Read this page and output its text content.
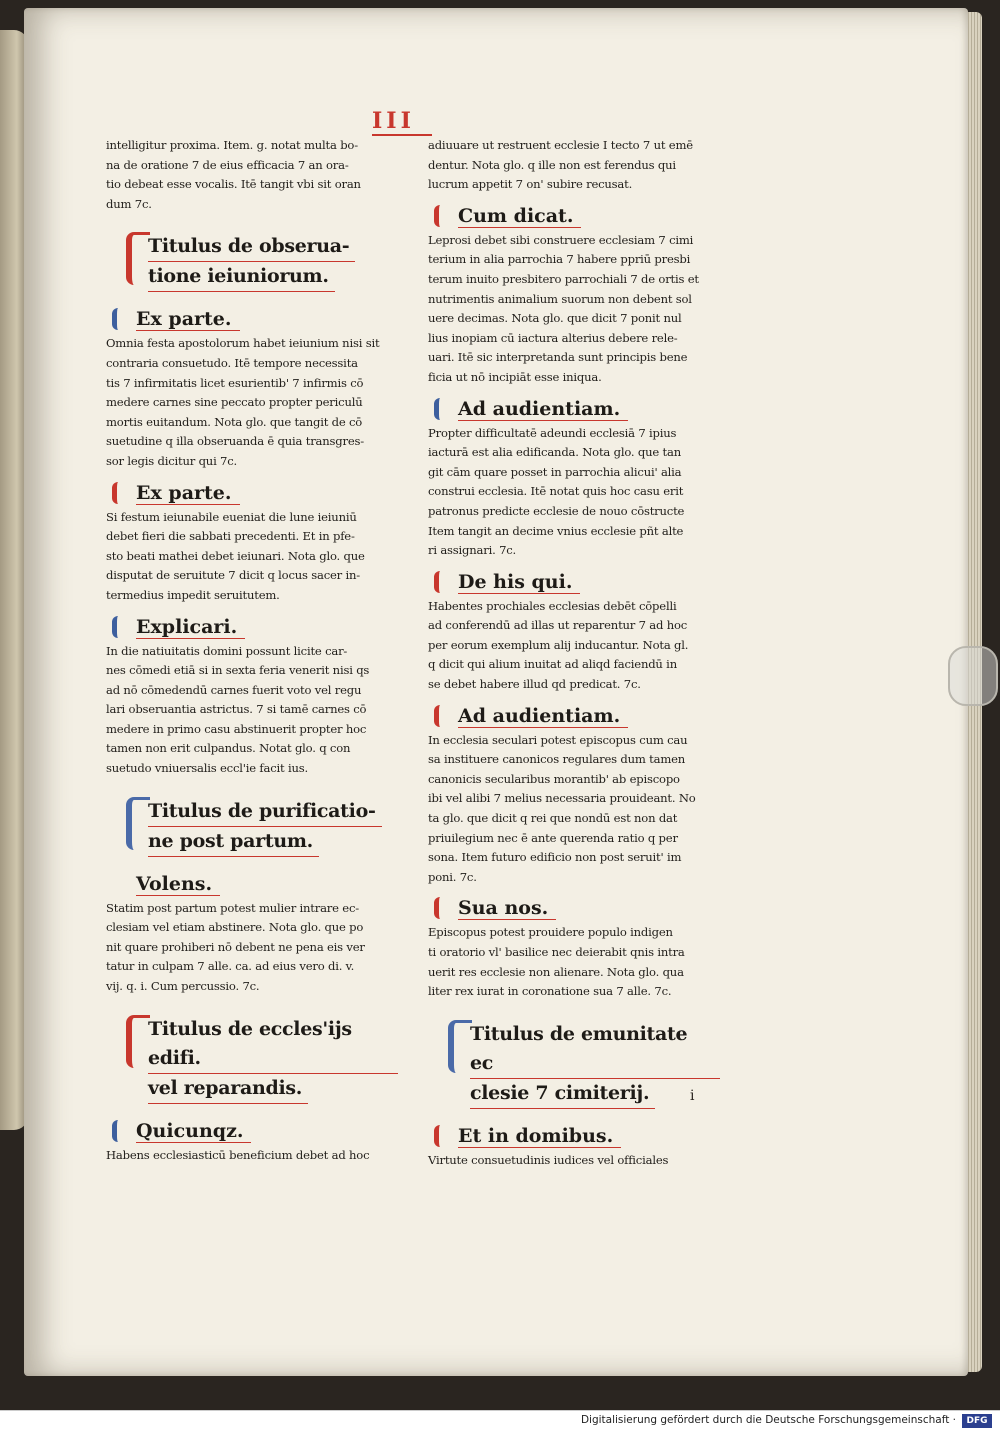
III
intelligitur proxima. Item. g. notat multa bo-
na de oratione 7 de eius efficacia 7 an ora-
tio debeat esse vocalis. Itē tangit vbi sit oran
dum 7c.
Titulus de obserua-
tione ieiuniorum.
Ex parte.
Omnia festa apostolorum habet ieiunium nisi sit
contraria consuetudo. Itē tempore necessita
tis 7 infirmitatis licet esurientib' 7 infirmis cō
medere carnes sine peccato propter periculū
mortis euitandum. Nota glo. que tangit de cō
suetudine q illa obseruanda ē quia transgres-
sor legis dicitur qui 7c.
Ex parte.
Si festum ieiunabile eueniat die lune ieiuniū
debet fieri die sabbati precedenti. Et in pfe-
sto beati mathei debet ieiunari. Nota glo. que
disputat de seruitute 7 dicit q locus sacer in-
termedius impedit seruitutem.
Explicari.
In die natiuitatis domini possunt licite car-
nes cōmedi etiā si in sexta feria venerit nisi qs
ad nō cōmedendū carnes fuerit voto vel regu
lari obseruantia astrictus. 7 si tamē carnes cō
medere in primo casu abstinuerit propter hoc
tamen non erit culpandus. Notat glo. q con
suetudo vniuersalis eccl'ie facit ius.
Titulus de purificatio-
ne post partum.
Volens.
Statim post partum potest mulier intrare ec-
clesiam vel etiam abstinere. Nota glo. que po
nit quare prohiberi nō debent ne pena eis ver
tatur in culpam 7 alle. ca. ad eius vero di. v.
vij. q. i. Cum percussio. 7c.
Titulus de eccles'ijs edifi.
vel reparandis.
Quicunqz.
Habens ecclesiasticū beneficium debet ad hoc
adiuuare ut restruent ecclesie I tecto 7 ut emē
dentur. Nota glo. q ille non est ferendus qui
lucrum appetit 7 on' subire recusat.
Cum dicat.
Leprosi debet sibi construere ecclesiam 7 cimi
terium in alia parrochia 7 habere ppriū presbi
terum inuito presbitero parrochiali 7 de ortis et
nutrimentis animalium suorum non debent sol
uere decimas. Nota glo. que dicit 7 ponit nul
lius inopiam cū iactura alterius debere rele-
uari. Itē sic interpretanda sunt principis bene
ficia ut nō incipiāt esse iniqua.
Ad audientiam.
Propter difficultatē adeundi ecclesiā 7 ipius
iacturā est alia edificanda. Nota glo. que tan
git cām quare posset in parrochia alicui' alia
construi ecclesia. Itē notat quis hoc casu erit
patronus predicte ecclesie de nouo cōstructe
Item tangit an decime vnius ecclesie pñt alte
ri assignari. 7c.
De his qui.
Habentes prochiales ecclesias debēt cōpelli
ad conferendū ad illas ut reparentur 7 ad hoc
per eorum exemplum alij inducantur. Nota gl.
q dicit qui alium inuitat ad aliqd faciendū in
se debet habere illud qd predicat. 7c.
Ad audientiam.
In ecclesia seculari potest episcopus cum cau
sa instituere canonicos regulares dum tamen
canonicis secularibus morantib' ab episcopo
ibi vel alibi 7 melius necessaria prouideant. No
ta glo. que dicit q rei que nondū est non dat
priuilegium nec ē ante querenda ratio q per
sona. Item futuro edificio non post seruit' im
poni. 7c.
Sua nos.
Episcopus potest prouidere populo indigen
ti oratorio vl' basilice nec deierabit qnis intra
uerit res ecclesie non alienare. Nota glo. qua
liter rex iurat in coronatione sua 7 alle. 7c.
Titulus de emunitate ec
clesie 7 cimiterij.
Et in domibus.
Virtute consuetudinis iudices vel officiales
i
Digitalisierung gefördert durch die Deutsche Forschungsgemeinschaft ·	DFG
